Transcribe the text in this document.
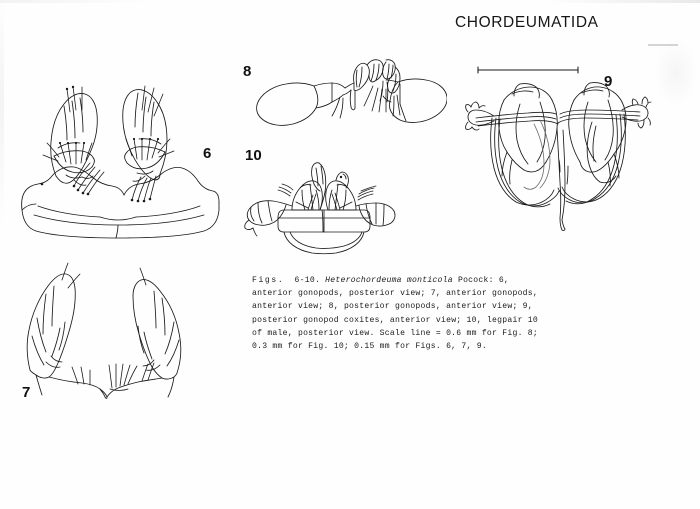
CHORDEUMATIDA
6
7
8
9
10
Figs. 6-10. Heterochordeuma monticola Pocock: 6, anterior gonopods, posterior view; 7, anterior gonopods, anterior view; 8, posterior gonopods, anterior view; 9, posterior gonopod coxites, anterior view; 10, legpair 10 of male, posterior view. Scale line = 0.6 mm for Fig. 8; 0.3 mm for Fig. 10; 0.15 mm for Figs. 6, 7, 9.
